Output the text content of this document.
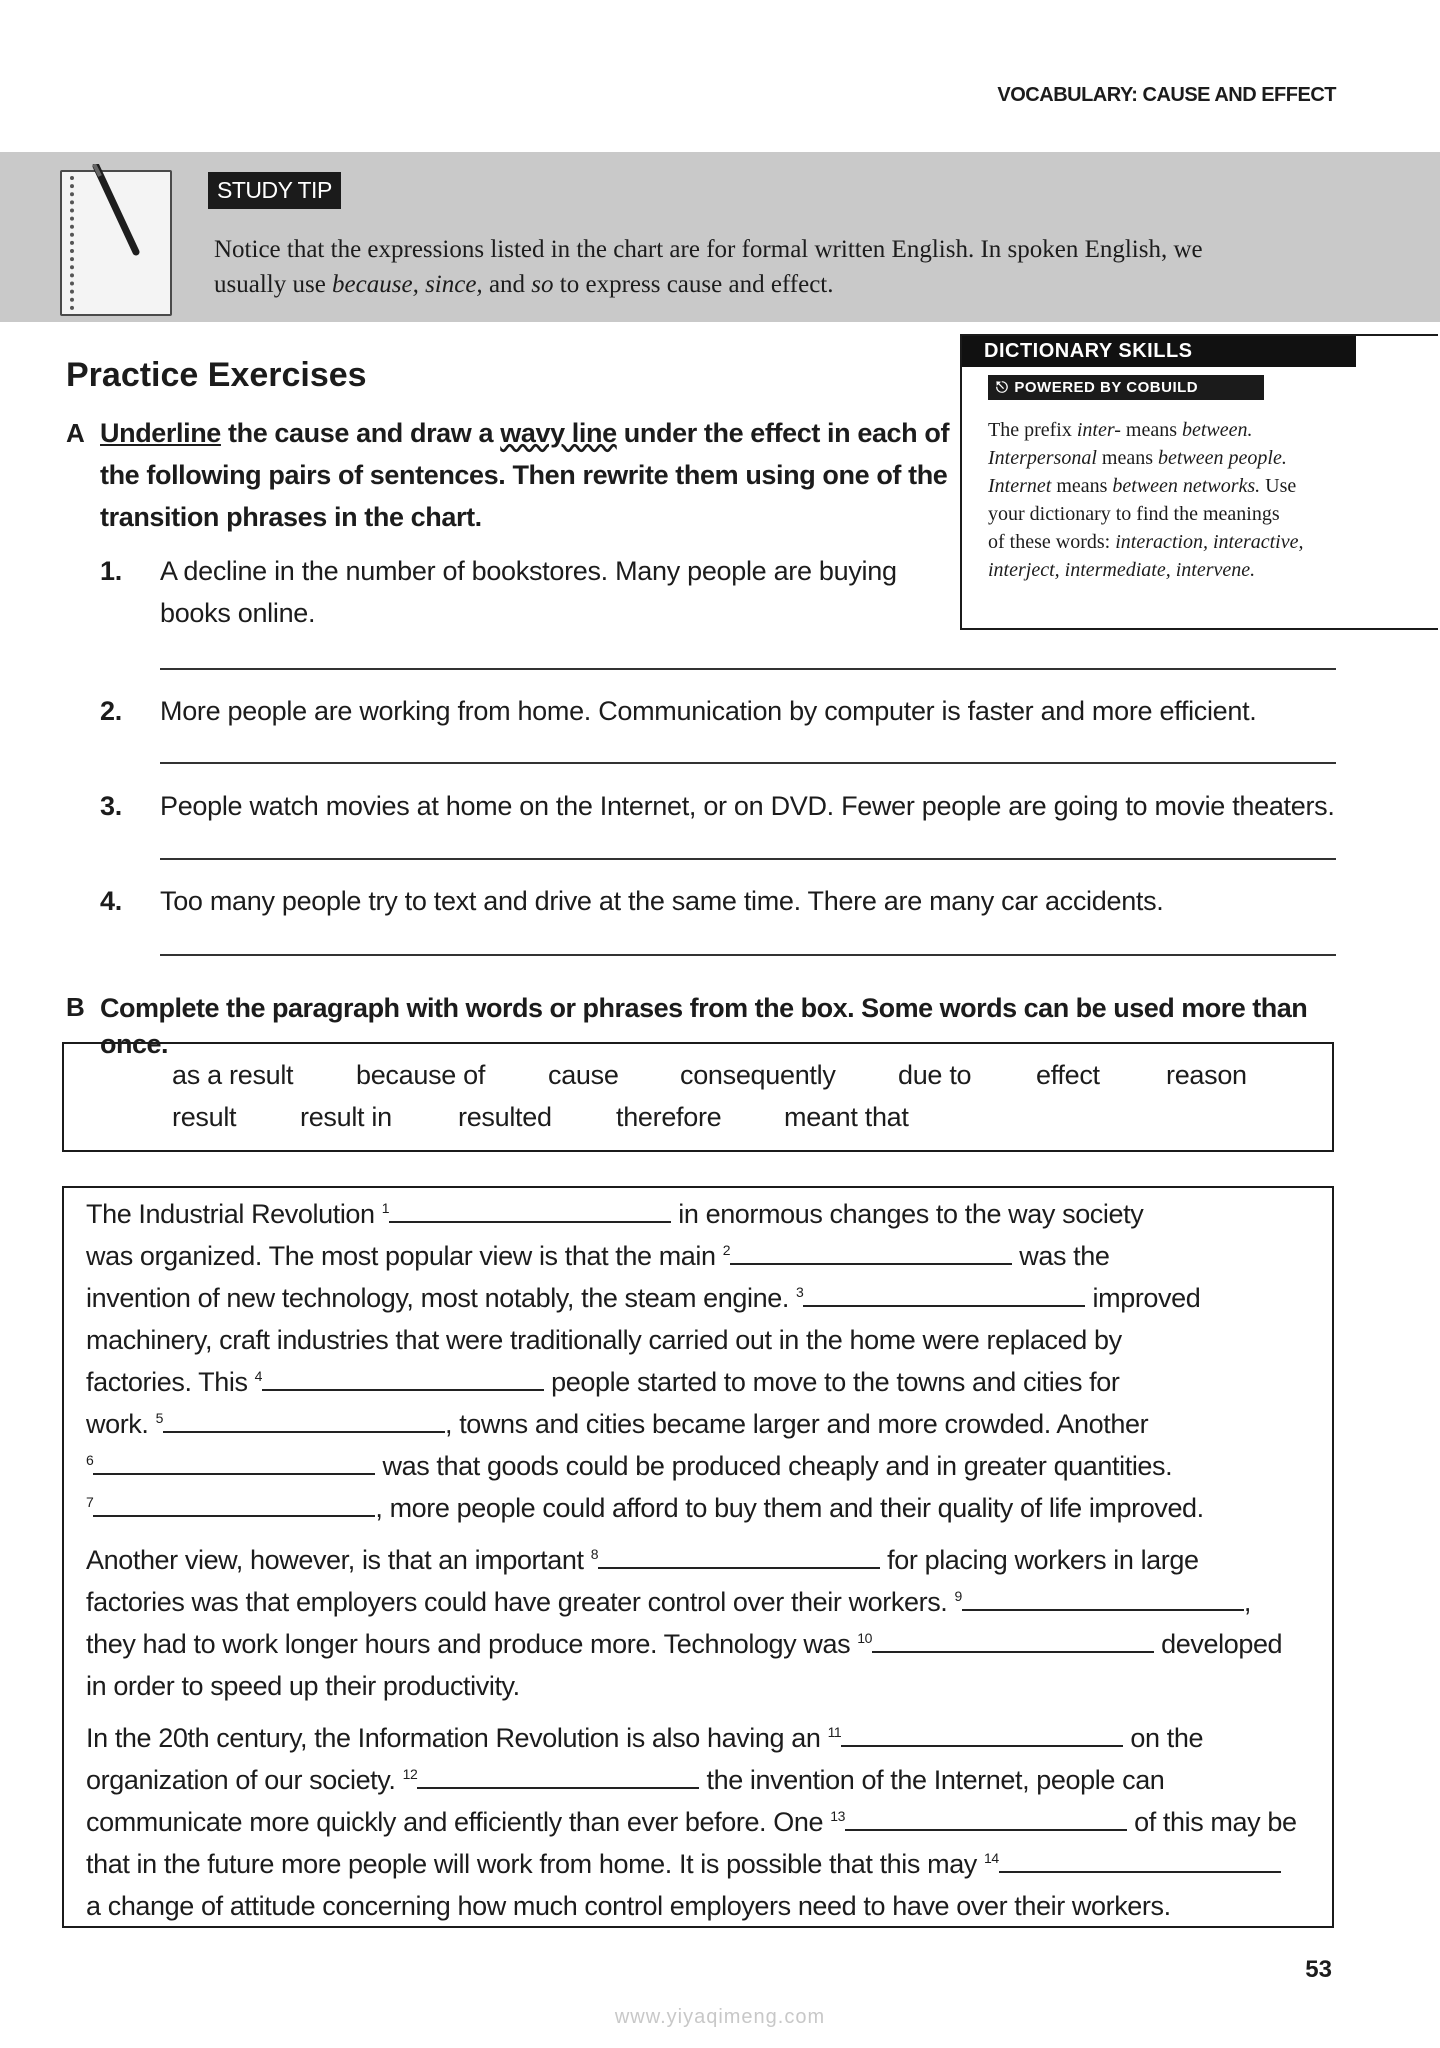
VOCABULARY: CAUSE AND EFFECT
STUDY TIP
Notice that the expressions listed in the chart are for formal written English. In spoken English, we
usually use because, since, and so to express cause and effect.
DICTIONARY SKILLS
⎋ POWERED BY COBUILD
The prefix inter- means between.
Interpersonal means between people.
Internet means between networks. Use
your dictionary to find the meanings
of these words: interaction, interactive,
interject, intermediate, intervene.
Practice Exercises
A Underline the cause and draw a wavy line under the effect in each of
the following pairs of sentences. Then rewrite them using one of the
transition phrases in the chart.
1. A decline in the number of bookstores. Many people are buying
books online.
2. More people are working from home. Communication by computer is faster and more efficient.
3. People watch movies at home on the Internet, or on DVD. Fewer people are going to movie theaters.
4. Too many people try to text and drive at the same time. There are many car accidents.
B Complete the paragraph with words or phrases from the box. Some words can be used more than once.
as a result because of cause consequently due to effect reason
result result in resulted therefore meant that
The Industrial Revolution $^1$	in enormous changes to the way society
was organized. The most popular view is that the main $^2$	was the
invention of new technology, most notably, the steam engine. $^3$	improved
machinery, craft industries that were traditionally carried out in the home were replaced by
factories. This $^4$	people started to move to the towns and cities for
work. $^5$	, towns and cities became larger and more crowded. Another
$^6$	was that goods could be produced cheaply and in greater quantities.
$^7$	, more people could afford to buy them and their quality of life improved.
Another view, however, is that an important $^8$	for placing workers in large
factories was that employers could have greater control over their workers. $^9$	,
they had to work longer hours and produce more. Technology was $^{10}$	developed
in order to speed up their productivity.
In the 20th century, the Information Revolution is also having an $^{11}$	on the
organization of our society. $^{12}$	the invention of the Internet, people can
communicate more quickly and efficiently than ever before. One $^{13}$	of this may be
that in the future more people will work from home. It is possible that this may $^{14}$
a change of attitude concerning how much control employers need to have over their workers.
53
www.yiyaqimeng.com
